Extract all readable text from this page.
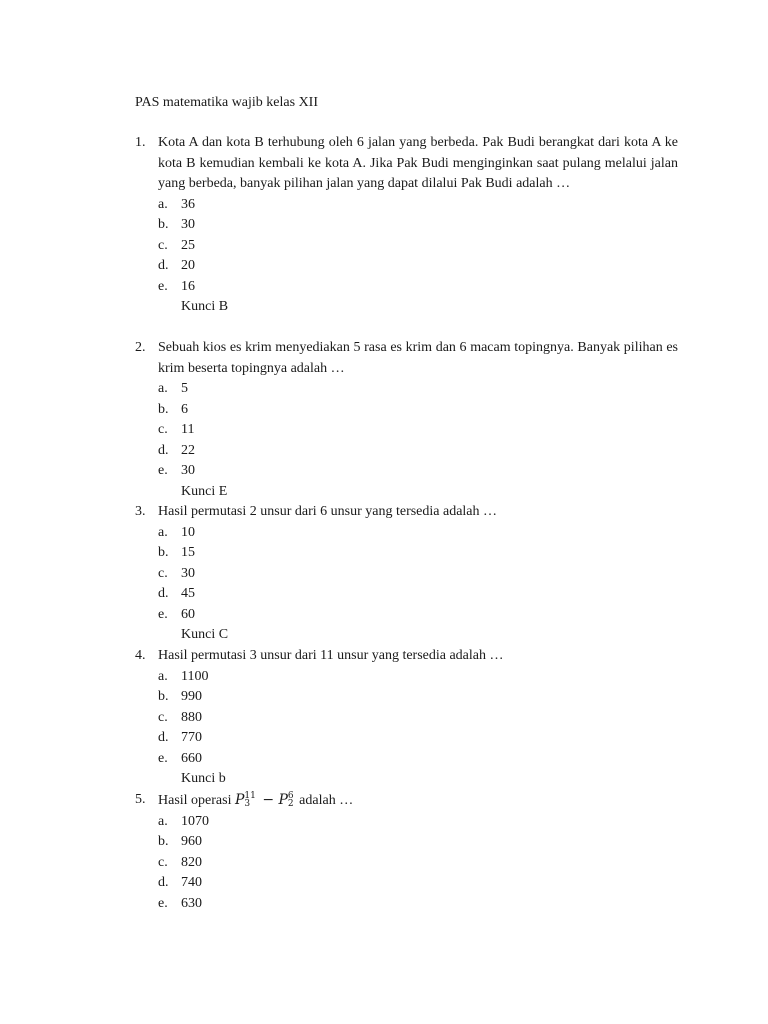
PAS matematika wajib kelas XII
1. Kota A dan kota B terhubung oleh 6 jalan yang berbeda. Pak Budi berangkat dari kota A ke kota B kemudian kembali ke kota A. Jika Pak Budi menginginkan saat pulang melalui jalan yang berbeda, banyak pilihan jalan yang dapat dilalui Pak Budi adalah …
a. 36
b. 30
c. 25
d. 20
e. 16
Kunci B
2. Sebuah kios es krim menyediakan 5 rasa es krim dan 6 macam topingnya. Banyak pilihan es krim beserta topingnya adalah …
a. 5
b. 6
c. 11
d. 22
e. 30
Kunci E
3. Hasil permutasi 2 unsur dari 6 unsur yang tersedia adalah …
a. 10
b. 15
c. 30
d. 45
e. 60
Kunci C
4. Hasil permutasi 3 unsur dari 11 unsur yang tersedia adalah …
a. 1100
b. 990
c. 880
d. 770
e. 660
Kunci b
5. Hasil operasi P 11
3 − P 6
2 adalah …
a. 1070
b. 960
c. 820
d. 740
e. 630
